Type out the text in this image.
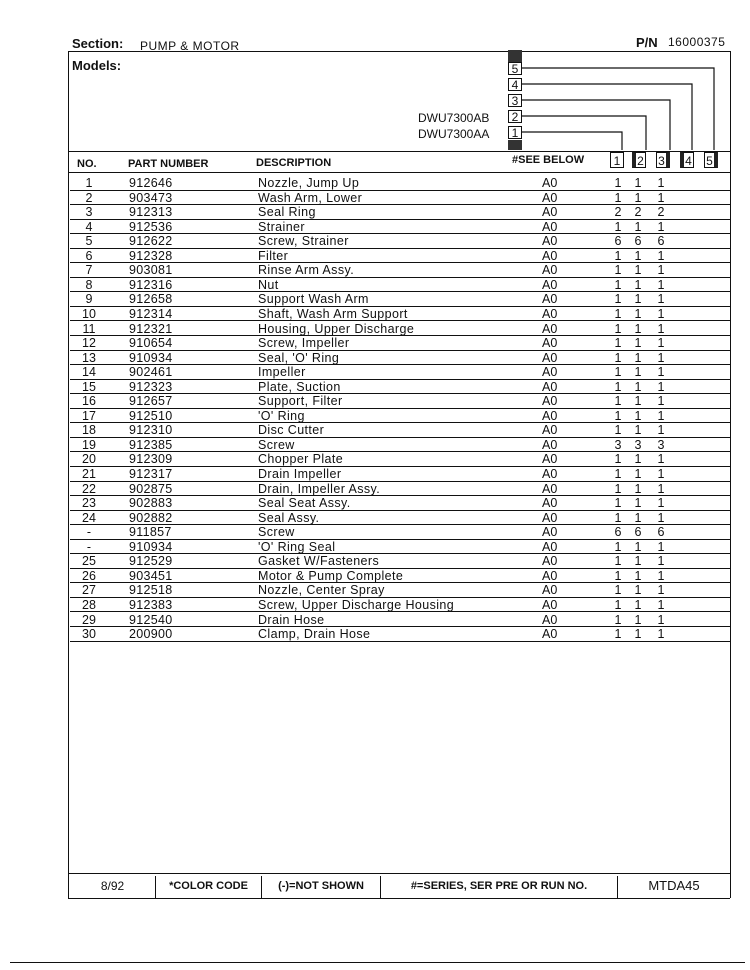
Section: PUMP & MOTOR	P/N 16000375
Models:	5
4
3
2
1
DWU7300AB
DWU7300AA
NO.	PART NUMBER	DESCRIPTION	#SEE BELOW	1	2 3	4 5
1	912646	Nozzle, Jump Up	A0	1	1	1
2	903473	Wash Arm, Lower	A0	1	1	1
3	912313	Seal Ring	A0	2	2	2
4	912536	Strainer	A0	1	1	1
5	912622	Screw, Strainer	A0	6	6	6
6	912328	Filter	A0	1	1	1
7	903081	Rinse Arm Assy.	A0	1	1	1
8	912316	Nut	A0	1	1	1
9	912658	Support Wash Arm	A0	1	1	1
10	912314	Shaft, Wash Arm Support	A0	1	1	1
11	912321	Housing, Upper Discharge	A0	1	1	1
12	910654	Screw, Impeller	A0	1	1	1
13	910934	Seal, 'O' Ring	A0	1	1	1
14	902461	Impeller	A0	1	1	1
15	912323	Plate, Suction	A0	1	1	1
16	912657	Support, Filter	A0	1	1	1
17	912510	'O' Ring	A0	1	1	1
18	912310	Disc Cutter	A0	1	1	1
19	912385	Screw	A0	3	3	3
20	912309	Chopper Plate	A0	1	1	1
21	912317	Drain Impeller	A0	1	1	1
22	902875	Drain, Impeller Assy.	A0	1	1	1
23	902883	Seal Seat Assy.	A0	1	1	1
24	902882	Seal Assy.	A0	1	1	1
-	911857	Screw	A0	6	6	6
-	910934	'O' Ring Seal	A0	1	1	1
25	912529	Gasket W/Fasteners	A0	1	1	1
26	903451	Motor & Pump Complete	A0	1	1	1
27	912518	Nozzle, Center Spray	A0	1	1	1
28	912383	Screw, Upper Discharge Housing	A0	1	1	1
29	912540	Drain Hose	A0	1	1	1
30	200900	Clamp, Drain Hose	A0	1	1	1
8/92	*COLOR CODE	(-)=NOT SHOWN	#=SERIES, SER PRE OR RUN NO.	MTDA45
